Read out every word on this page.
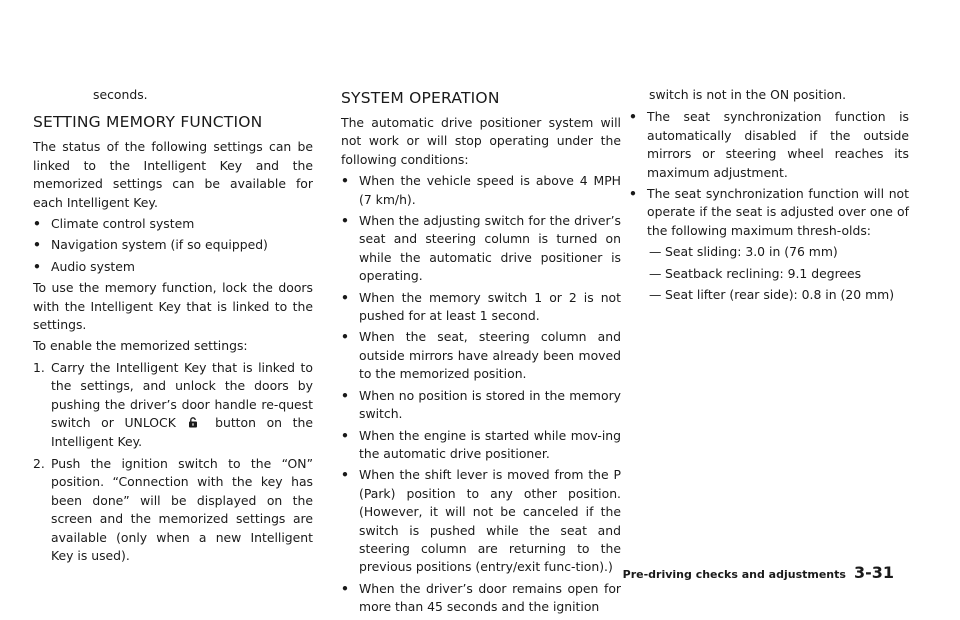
seconds.

SETTING MEMORY FUNCTION

The status of the following settings can be linked to the Intelligent Key and the memorized settings can be available for each Intelligent Key.

• Climate control system
• Navigation system (if so equipped)
• Audio system

To use the memory function, lock the doors with the Intelligent Key that is linked to the settings.

To enable the memorized settings:

1. Carry the Intelligent Key that is linked to the settings, and unlock the doors by pushing the driver’s door handle re-quest switch or UNLOCK	button on the Intelligent Key.
2. Push the ignition switch to the “ON” position. “Connection with the key has been done” will be displayed on the screen and the memorized settings are available (only when a new Intelligent Key is used).
SYSTEM OPERATION

The automatic drive positioner system will not work or will stop operating under the following conditions:

• When the vehicle speed is above 4 MPH (7 km/h).
• When the adjusting switch for the driver’s seat and steering column is turned on while the automatic drive positioner is operating.
• When the memory switch 1 or 2 is not pushed for at least 1 second.
• When the seat, steering column and outside mirrors have already been moved to the memorized position.
• When no position is stored in the memory switch.
• When the engine is started while mov-ing the automatic drive positioner.
• When the shift lever is moved from the P (Park) position to any other position. (However, it will not be canceled if the switch is pushed while the seat and steering column are returning to the previous positions (entry/exit func-tion).)
• When the driver’s door remains open for more than 45 seconds and the ignition

switch is not in the ON position.

• The seat synchronization function is automatically disabled if the outside mirrors or steering wheel reaches its maximum adjustment.
• The seat synchronization function will not operate if the seat is adjusted over one of the following maximum thresh-olds:
— Seat sliding: 3.0 in (76 mm)
— Seatback reclining: 9.1 degrees
— Seat lifter (rear side): 0.8 in (20 mm)
Pre-driving checks and adjustments 3-31
